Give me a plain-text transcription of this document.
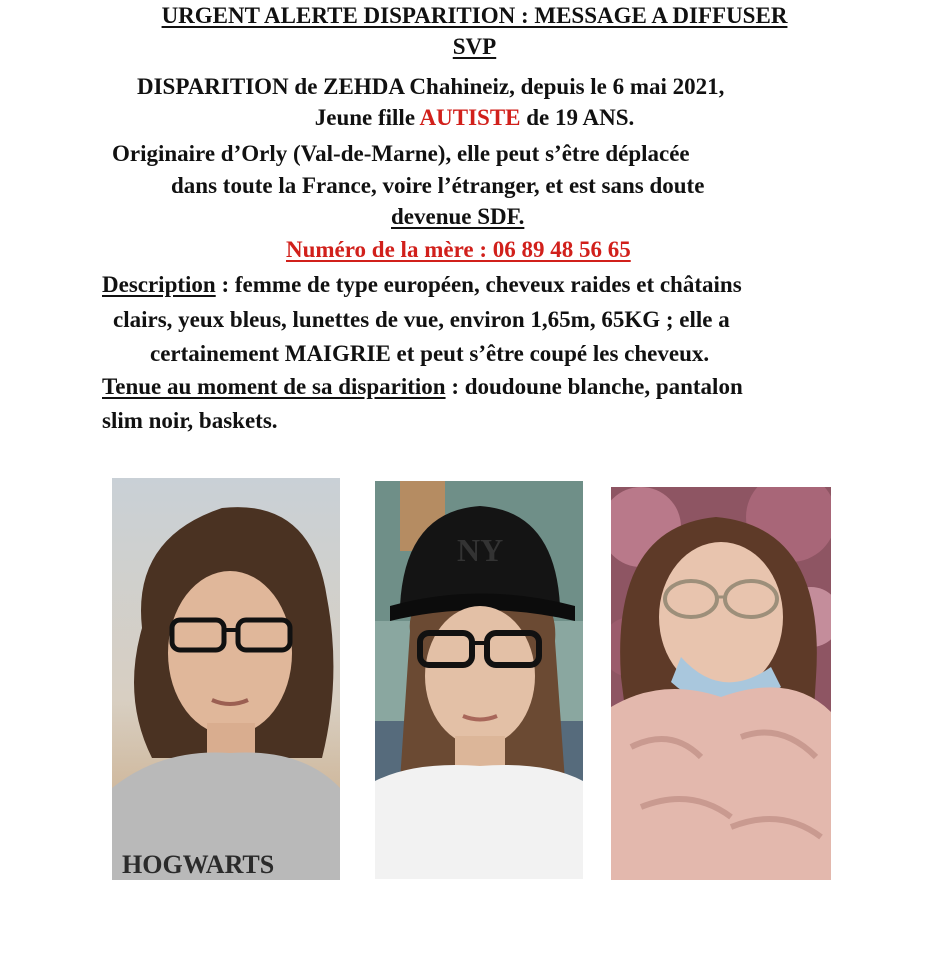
URGENT ALERTE DISPARITION : MESSAGE A DIFFUSER
SVP
DISPARITION de ZEHDA Chahineiz, depuis le 6 mai 2021,
Jeune fille AUTISTE de 19 ANS.
Originaire d’Orly (Val-de-Marne), elle peut s’être déplacée
dans toute la France, voire l’étranger, et est sans doute
devenue SDF.
Numéro de la mère : 06 89 48 56 65
Description : femme de type européen, cheveux raides et châtains
clairs, yeux bleus, lunettes de vue, environ 1,65m, 65KG ; elle a
certainement MAIGRIE et peut s’être coupé les cheveux.
Tenue au moment de sa disparition : doudoune blanche, pantalon
slim noir, baskets.
HOGWARTS
NY
